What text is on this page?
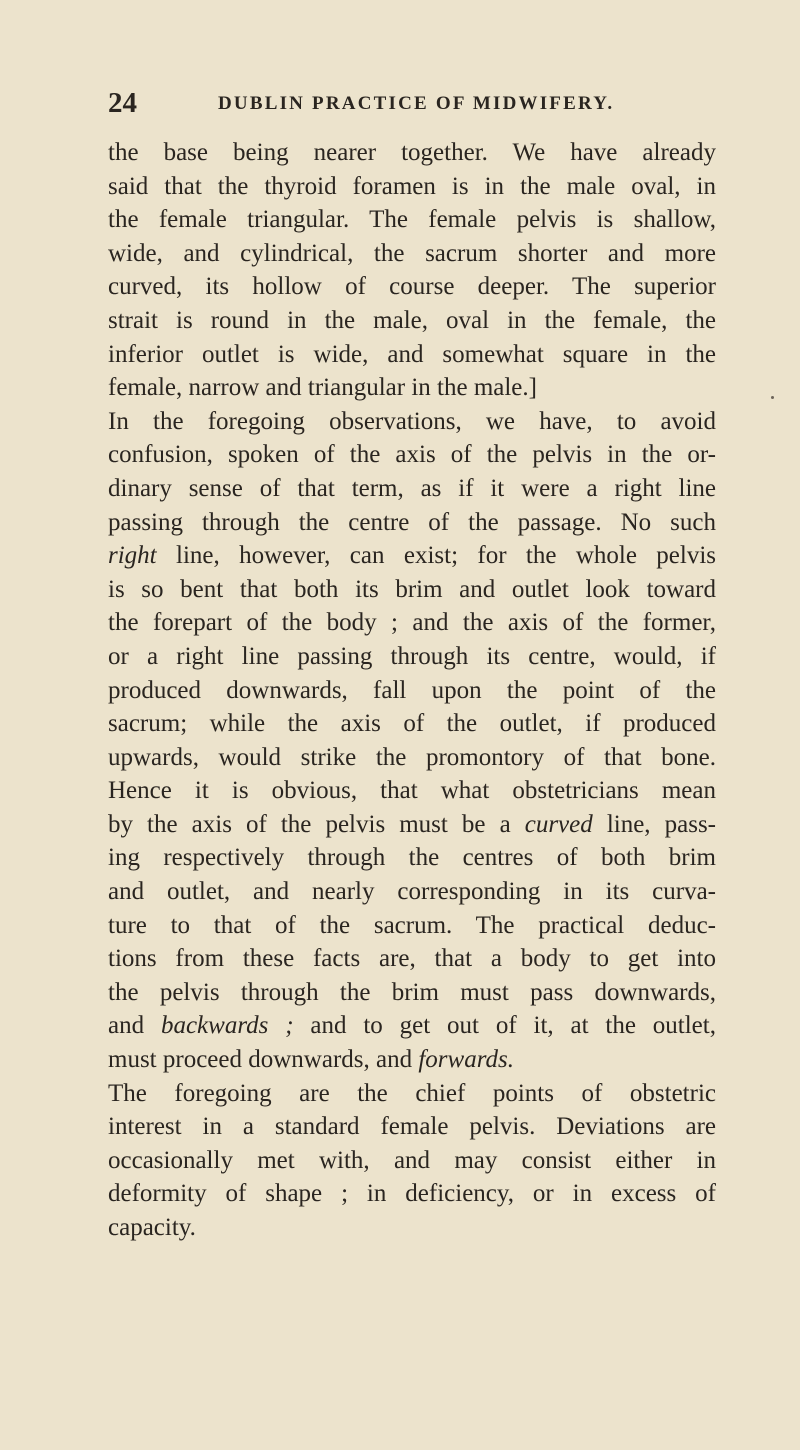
24	DUBLIN PRACTICE OF MIDWIFERY.
the base being nearer together. We have already
said that the thyroid foramen is in the male oval, in
the female triangular. The female pelvis is shallow,
wide, and cylindrical, the sacrum shorter and more
curved, its hollow of course deeper. The superior
strait is round in the male, oval in the female, the
inferior outlet is wide, and somewhat square in the
female, narrow and triangular in the male.]
In the foregoing observations, we have, to avoid
confusion, spoken of the axis of the pelvis in the or-
dinary sense of that term, as if it were a right line
passing through the centre of the passage. No such
right line, however, can exist; for the whole pelvis
is so bent that both its brim and outlet look toward
the forepart of the body ; and the axis of the former,
or a right line passing through its centre, would, if
produced downwards, fall upon the point of the
sacrum; while the axis of the outlet, if produced
upwards, would strike the promontory of that bone.
Hence it is obvious, that what obstetricians mean
by the axis of the pelvis must be a curved line, pass-
ing respectively through the centres of both brim
and outlet, and nearly corresponding in its curva-
ture to that of the sacrum. The practical deduc-
tions from these facts are, that a body to get into
the pelvis through the brim must pass downwards,
and backwards ; and to get out of it, at the outlet,
must proceed downwards, and forwards.
The foregoing are the chief points of obstetric
interest in a standard female pelvis. Deviations are
occasionally met with, and may consist either in
deformity of shape ; in deficiency, or in excess of
capacity.
